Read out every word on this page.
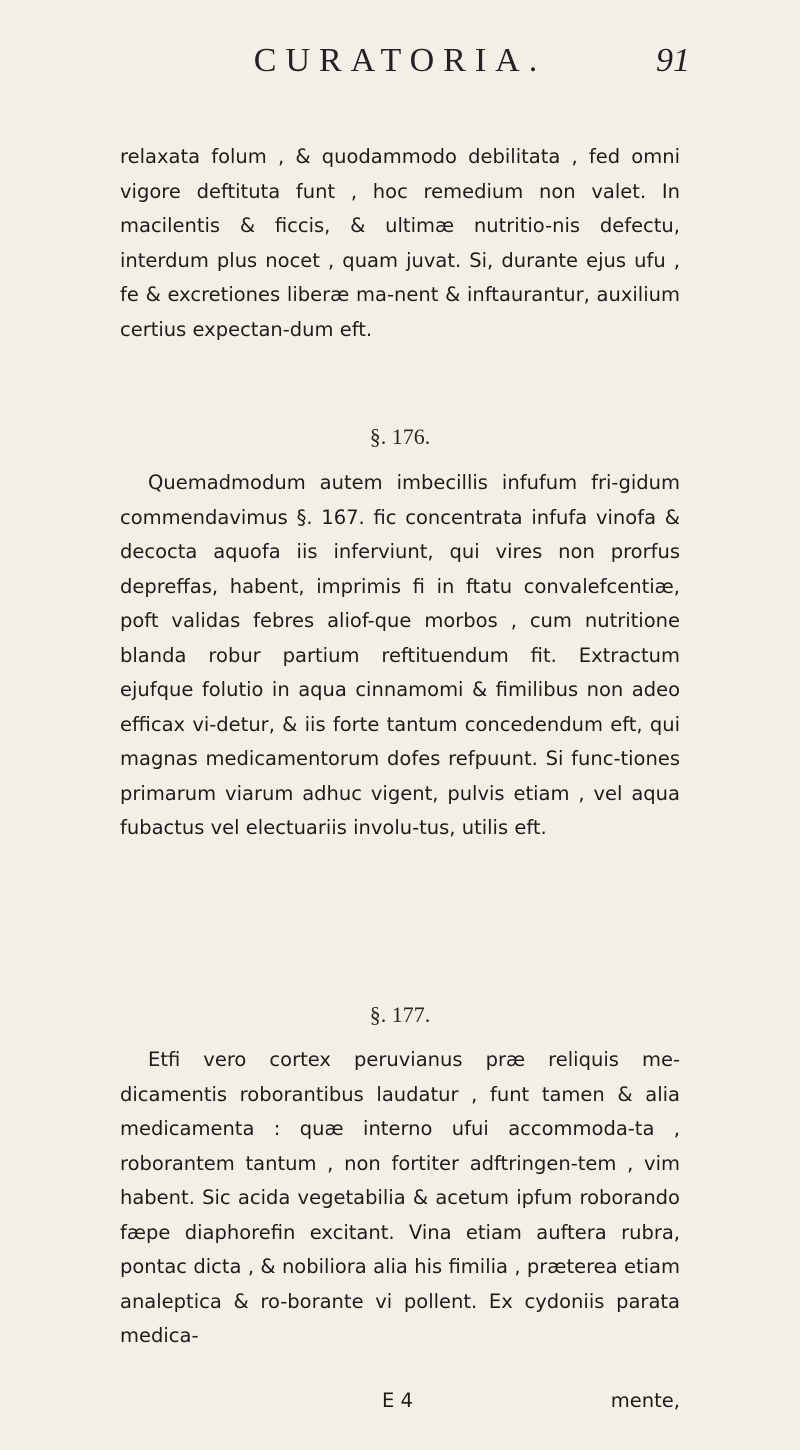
CURATORIA.	91

relaxata folum , & quodammodo debilitata , fed omni vigore deftituta funt , hoc remedium non valet. In macilentis & ficcis, & ultimæ nutritio-nis defectu, interdum plus nocet , quam juvat. Si, durante ejus ufu , fe & excretiones liberæ ma-nent & inftaurantur, auxilium certius expectan-dum eft.

§. 176.

Quemadmodum autem imbecillis infufum fri-gidum commendavimus §. 167. fic concentrata infufa vinofa & decocta aquofa iis inferviunt, qui vires non prorfus depreffas, habent, imprimis fi in ftatu convalefcentiæ, poft validas febres aliof-que morbos , cum nutritione blanda robur partium reftituendum fit. Extractum ejufque folutio in aqua cinnamomi & fimilibus non adeo efficax vi-detur, & iis forte tantum concedendum eft, qui magnas medicamentorum dofes refpuunt. Si func-tiones primarum viarum adhuc vigent, pulvis etiam , vel aqua fubactus vel electuariis involu-tus, utilis eft.

§. 177.

Etfi vero cortex peruvianus præ reliquis me-dicamentis roborantibus laudatur , funt tamen & alia medicamenta : quæ interno ufui accommoda-ta , roborantem tantum , non fortiter adftringen-tem , vim habent. Sic acida vegetabilia & acetum ipfum roborando fæpe diaphorefin excitant. Vina etiam auftera rubra, pontac dicta , & nobiliora alia his fimilia , præterea etiam analeptica & ro-borante vi pollent. Ex cydoniis parata medica-

E 4	mente,
